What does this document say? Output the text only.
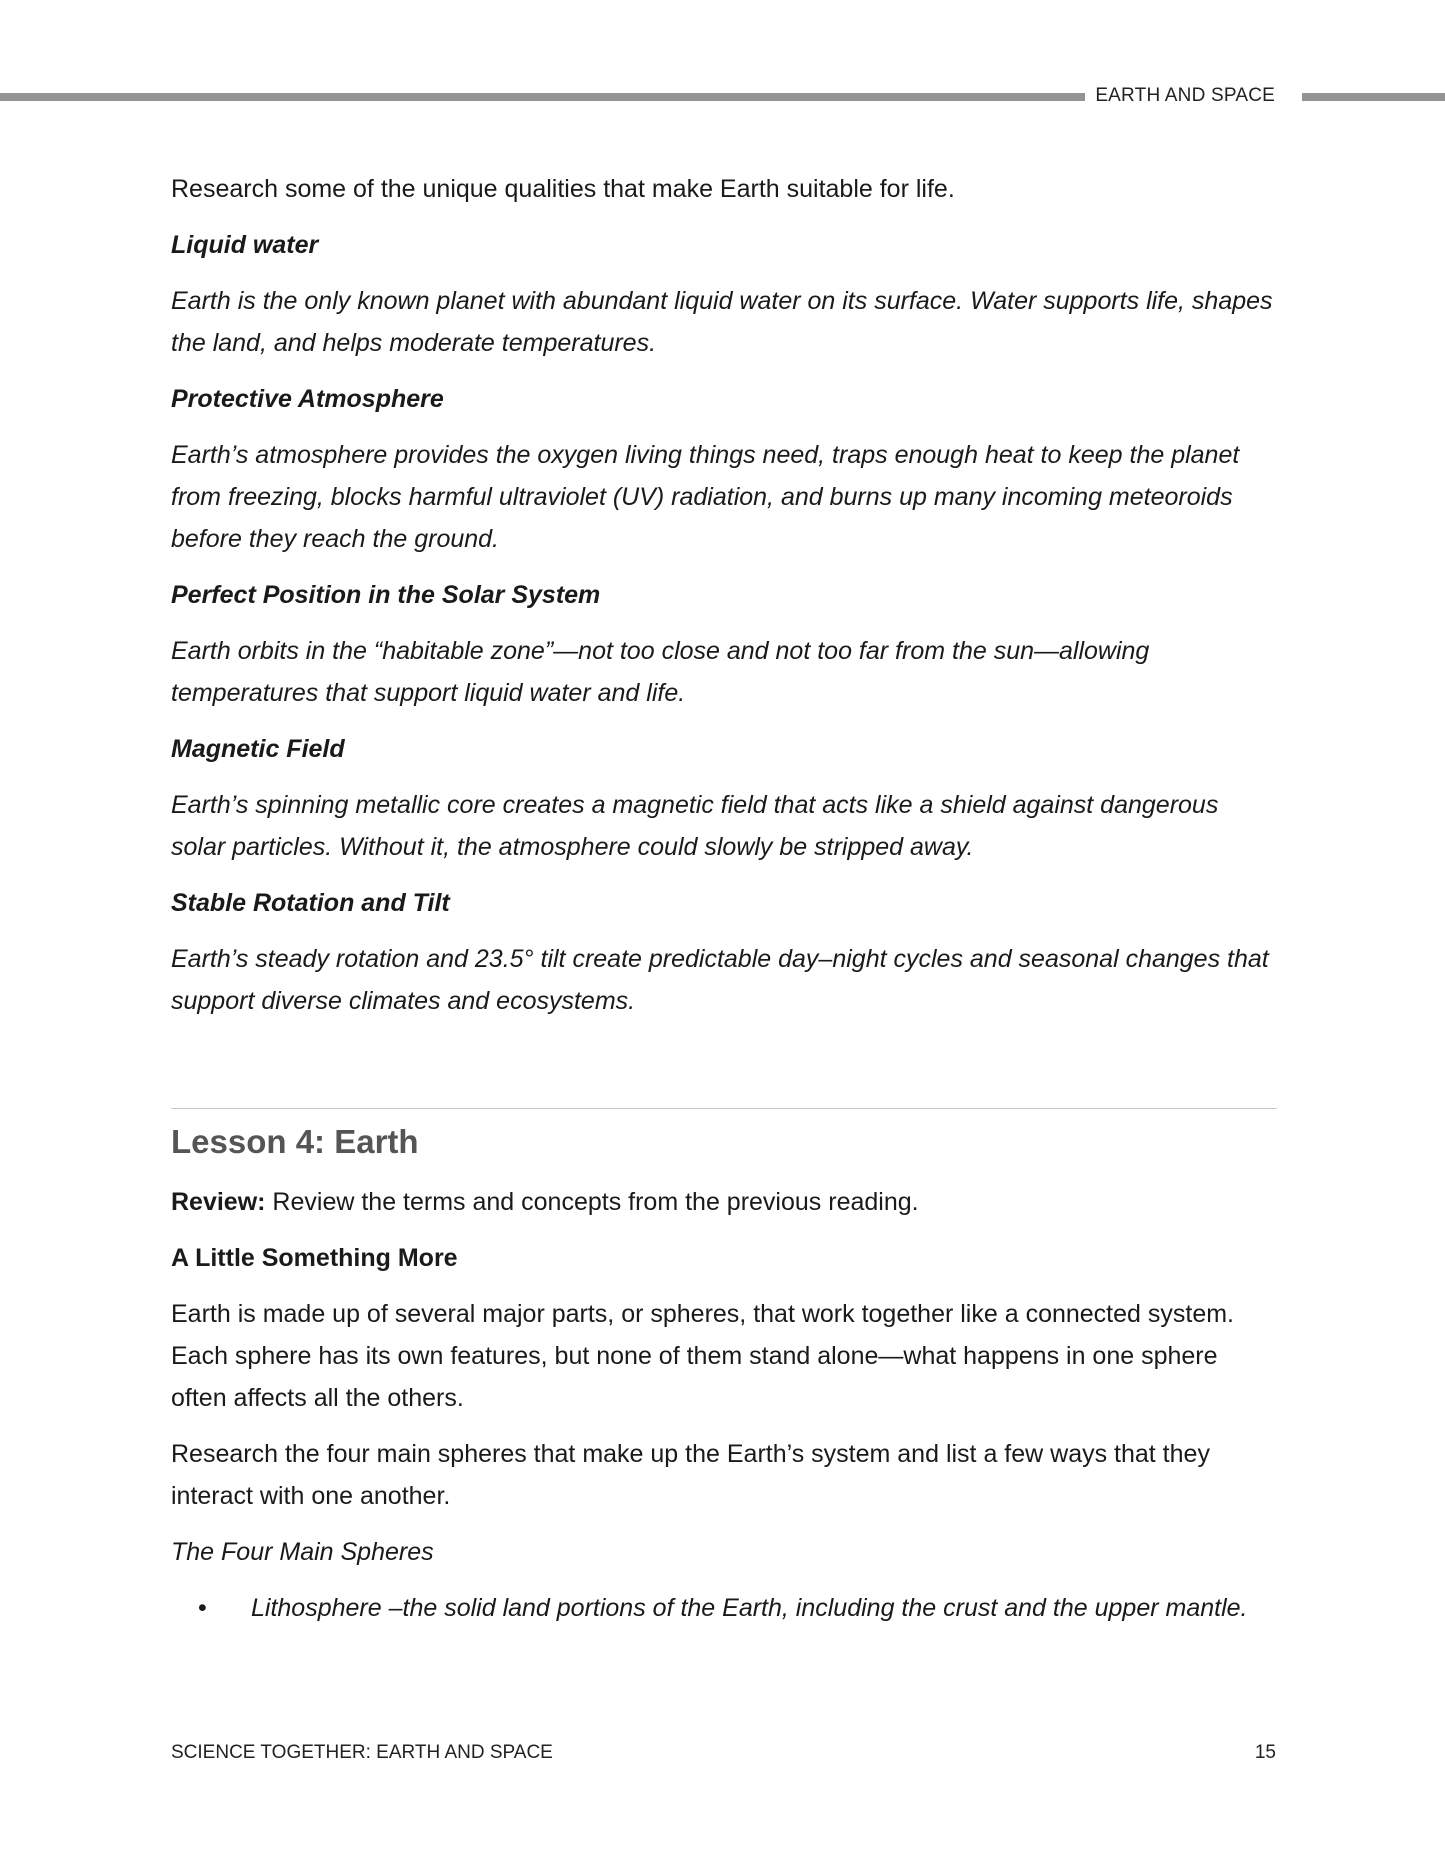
EARTH AND SPACE

Research some of the unique qualities that make Earth suitable for life.

Liquid water

Earth is the only known planet with abundant liquid water on its surface. Water supports life, shapes the land, and helps moderate temperatures.

Protective Atmosphere

Earth’s atmosphere provides the oxygen living things need, traps enough heat to keep the planet from freezing, blocks harmful ultraviolet (UV) radiation, and burns up many incoming meteoroids before they reach the ground.

Perfect Position in the Solar System

Earth orbits in the “habitable zone”—not too close and not too far from the sun—allowing temperatures that support liquid water and life.

Magnetic Field

Earth’s spinning metallic core creates a magnetic field that acts like a shield against dangerous solar particles. Without it, the atmosphere could slowly be stripped away.

Stable Rotation and Tilt

Earth’s steady rotation and 23.5° tilt create predictable day–night cycles and seasonal changes that support diverse climates and ecosystems.

Lesson 4: Earth

Review: Review the terms and concepts from the previous reading.

A Little Something More

Earth is made up of several major parts, or spheres, that work together like a connected system. Each sphere has its own features, but none of them stand alone—what happens in one sphere often affects all the others.

Research the four main spheres that make up the Earth’s system and list a few ways that they interact with one another.

The Four Main Spheres

• Lithosphere –the solid land portions of the Earth, including the crust and the upper mantle.
SCIENCE TOGETHER: EARTH AND SPACE	15
